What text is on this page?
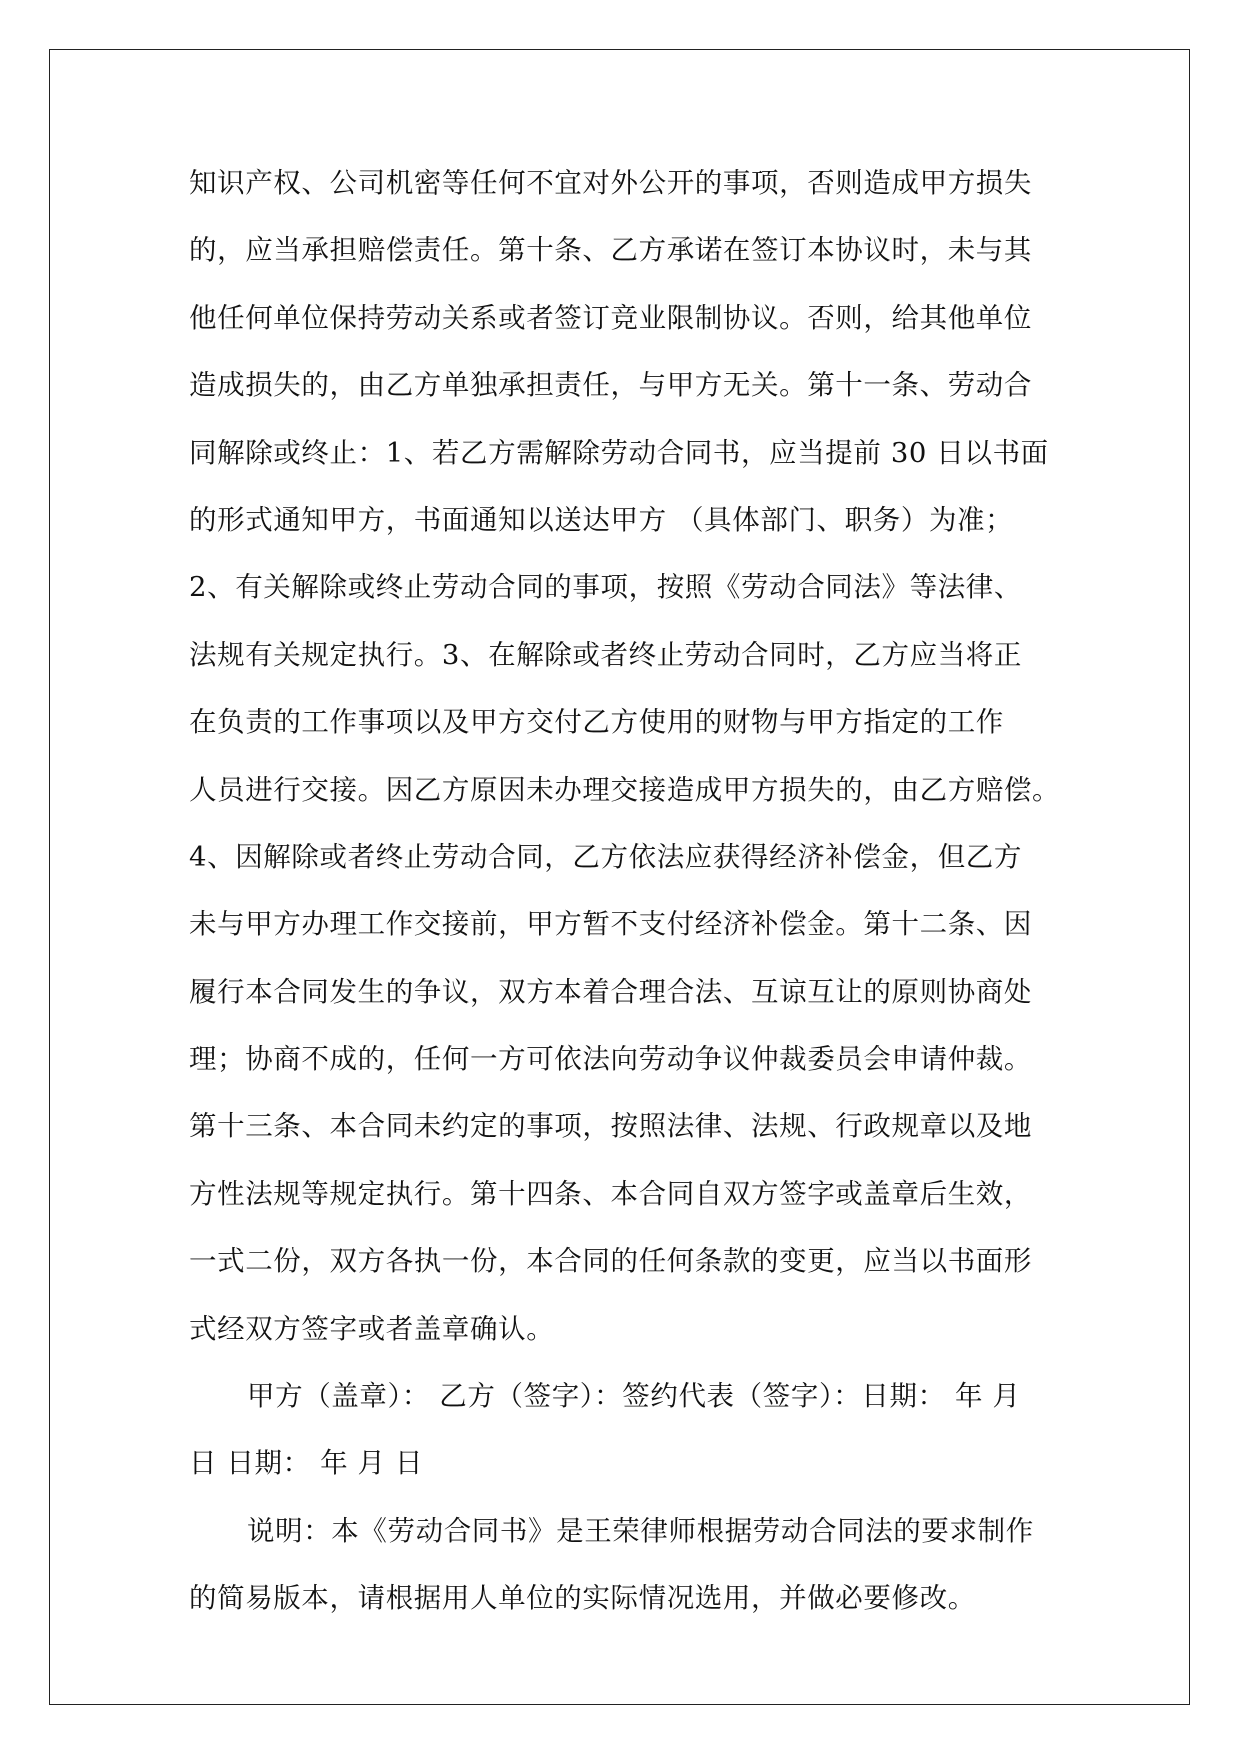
知识产权、公司机密等任何不宜对外公开的事项，否则造成甲方损失
的，应当承担赔偿责任。第十条、乙方承诺在签订本协议时，未与其
他任何单位保持劳动关系或者签订竞业限制协议。否则，给其他单位
造成损失的，由乙方单独承担责任，与甲方无关。第十一条、劳动合
同解除或终止：1、若乙方需解除劳动合同书，应当提前 30 日以书面
的形式通知甲方，书面通知以送达甲方 （具体部门、职务）为准；
2、有关解除或终止劳动合同的事项，按照《劳动合同法》等法律、
法规有关规定执行。3、在解除或者终止劳动合同时，乙方应当将正
在负责的工作事项以及甲方交付乙方使用的财物与甲方指定的工作
人员进行交接。因乙方原因未办理交接造成甲方损失的，由乙方赔偿。
4、因解除或者终止劳动合同，乙方依法应获得经济补偿金，但乙方
未与甲方办理工作交接前，甲方暂不支付经济补偿金。第十二条、因
履行本合同发生的争议，双方本着合理合法、互谅互让的原则协商处
理；协商不成的，任何一方可依法向劳动争议仲裁委员会申请仲裁。
第十三条、本合同未约定的事项，按照法律、法规、行政规章以及地
方性法规等规定执行。第十四条、本合同自双方签字或盖章后生效，
一式二份，双方各执一份，本合同的任何条款的变更，应当以书面形
式经双方签字或者盖章确认。
甲方（盖章）： 乙方（签字）：签约代表（签字）：日期： 年 月
日 日期： 年 月 日
说明：本《劳动合同书》是王荣律师根据劳动合同法的要求制作
的简易版本，请根据用人单位的实际情况选用，并做必要修改。
